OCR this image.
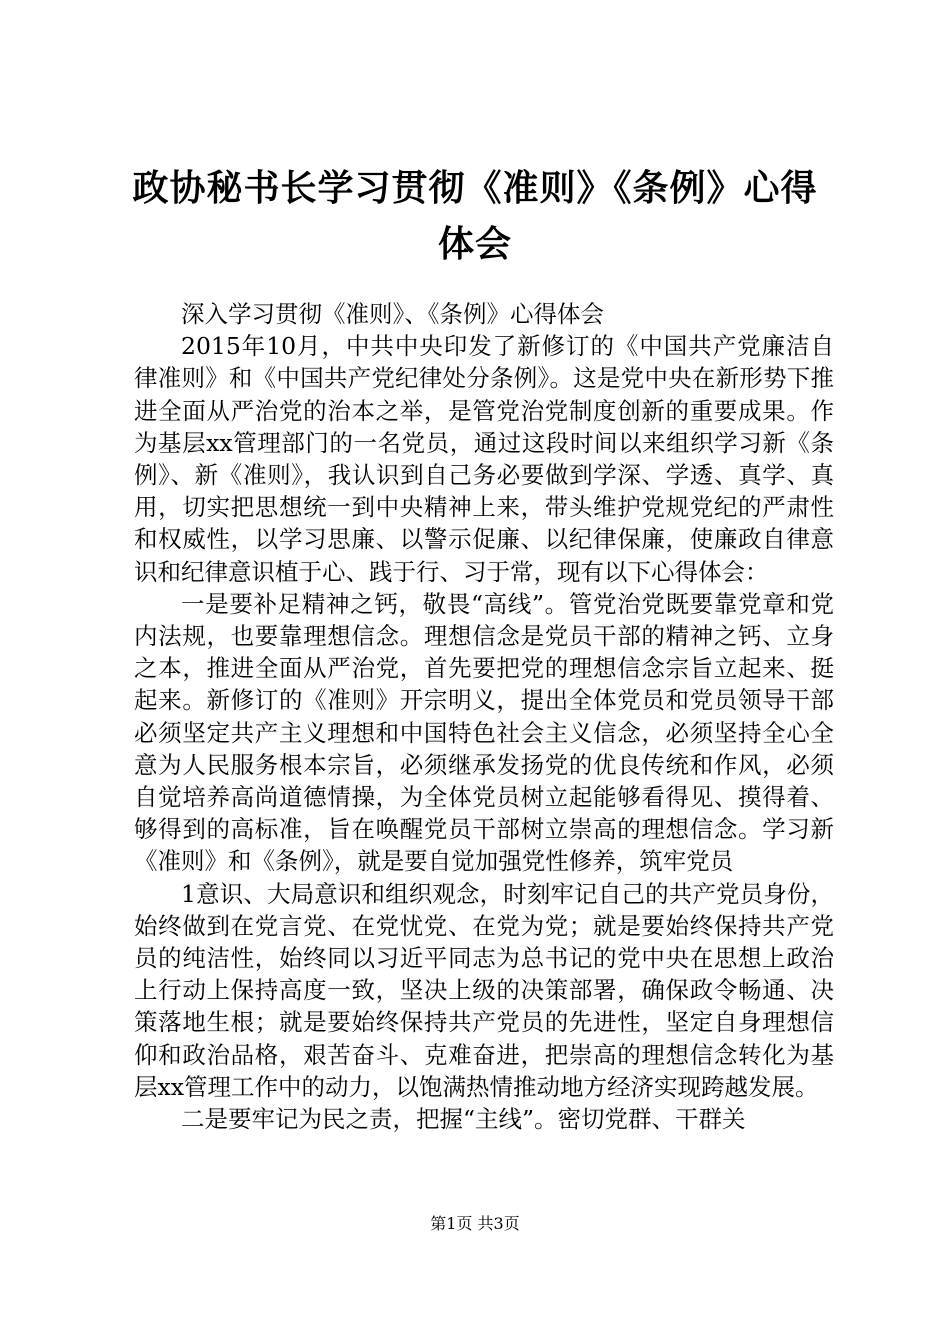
政协秘书长学习贯彻《准则》《条例》心得体会

深入学习贯彻《准则》、《条例》心得体会

2015年10月，中共中央印发了新修订的《中国共产党廉洁自律准则》和《中国共产党纪律处分条例》。这是党中央在新形势下推进全面从严治党的治本之举，是管党治党制度创新的重要成果。作为基层xx管理部门的一名党员，通过这段时间以来组织学习新《条例》、新《准则》，我认识到自己务必要做到学深、学透、真学、真用，切实把思想统一到中央精神上来，带头维护党规党纪的严肃性和权威性，以学习思廉、以警示促廉、以纪律保廉，使廉政自律意识和纪律意识植于心、践于行、习于常，现有以下心得体会：

一是要补足精神之钙，敬畏“高线”。管党治党既要靠党章和党内法规，也要靠理想信念。理想信念是党员干部的精神之钙、立身之本，推进全面从严治党，首先要把党的理想信念宗旨立起来、挺起来。新修订的《准则》开宗明义，提出全体党员和党员领导干部必须坚定共产主义理想和中国特色社会主义信念，必须坚持全心全意为人民服务根本宗旨，必须继承发扬党的优良传统和作风，必须自觉培养高尚道德情操，为全体党员树立起能够看得见、摸得着、够得到的高标准，旨在唤醒党员干部树立崇高的理想信念。学习新《准则》和《条例》，就是要自觉加强党性修养，筑牢党员

1意识、大局意识和组织观念，时刻牢记自己的共产党员身份，始终做到在党言党、在党忧党、在党为党；就是要始终保持共产党员的纯洁性，始终同以习近平同志为总书记的党中央在思想上政治上行动上保持高度一致，坚决上级的决策部署，确保政令畅通、决策落地生根；就是要始终保持共产党员的先进性，坚定自身理想信仰和政治品格，艰苦奋斗、克难奋进，把崇高的理想信念转化为基层xx管理工作中的动力，以饱满热情推动地方经济实现跨越发展。

二是要牢记为民之责，把握“主线”。密切党群、干群关

第1页 共3页
